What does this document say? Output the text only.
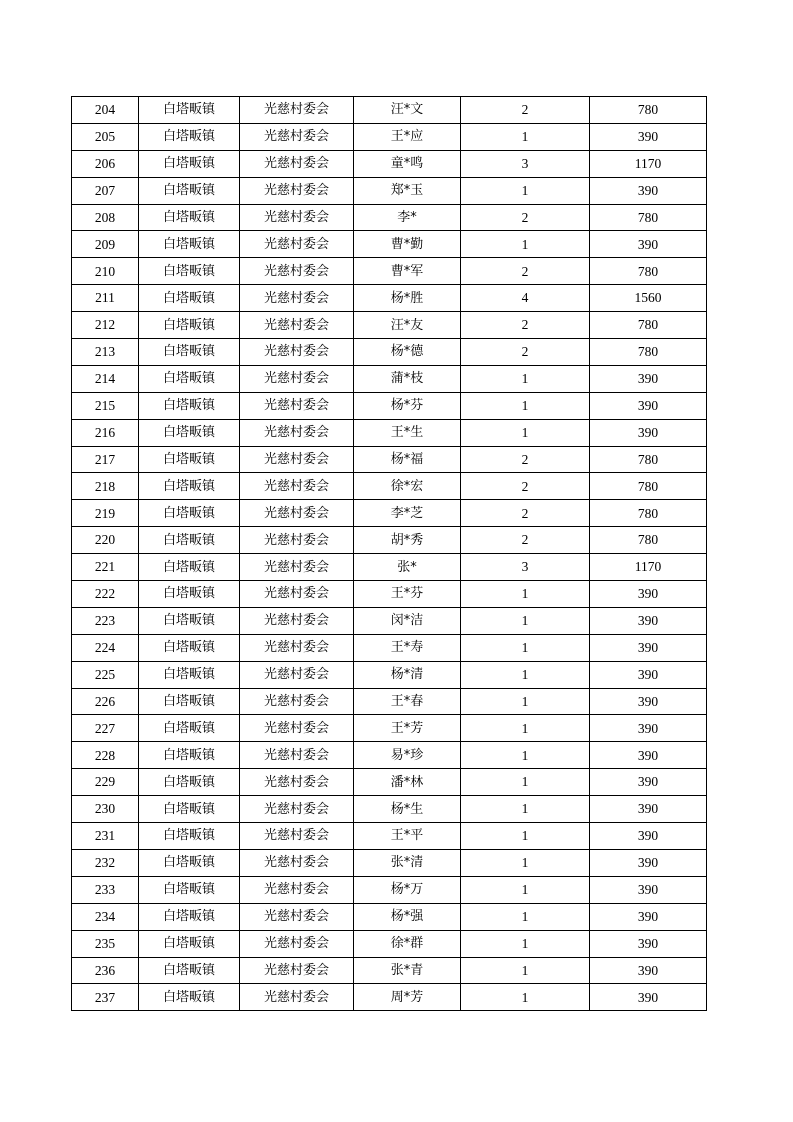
204	白塔畈镇	光慈村委会	汪*文	2	780
205	白塔畈镇	光慈村委会	王*应	1	390
206	白塔畈镇	光慈村委会	童*鸣	3	1170
207	白塔畈镇	光慈村委会	郑*玉	1	390
208	白塔畈镇	光慈村委会	李*	2	780
209	白塔畈镇	光慈村委会	曹*勤	1	390
210	白塔畈镇	光慈村委会	曹*军	2	780
211	白塔畈镇	光慈村委会	杨*胜	4	1560
212	白塔畈镇	光慈村委会	汪*友	2	780
213	白塔畈镇	光慈村委会	杨*德	2	780
214	白塔畈镇	光慈村委会	蒲*枝	1	390
215	白塔畈镇	光慈村委会	杨*芬	1	390
216	白塔畈镇	光慈村委会	王*生	1	390
217	白塔畈镇	光慈村委会	杨*福	2	780
218	白塔畈镇	光慈村委会	徐*宏	2	780
219	白塔畈镇	光慈村委会	李*芝	2	780
220	白塔畈镇	光慈村委会	胡*秀	2	780
221	白塔畈镇	光慈村委会	张*	3	1170
222	白塔畈镇	光慈村委会	王*芬	1	390
223	白塔畈镇	光慈村委会	闵*洁	1	390
224	白塔畈镇	光慈村委会	王*寿	1	390
225	白塔畈镇	光慈村委会	杨*清	1	390
226	白塔畈镇	光慈村委会	王*春	1	390
227	白塔畈镇	光慈村委会	王*芳	1	390
228	白塔畈镇	光慈村委会	易*珍	1	390
229	白塔畈镇	光慈村委会	潘*林	1	390
230	白塔畈镇	光慈村委会	杨*生	1	390
231	白塔畈镇	光慈村委会	王*平	1	390
232	白塔畈镇	光慈村委会	张*清	1	390
233	白塔畈镇	光慈村委会	杨*万	1	390
234	白塔畈镇	光慈村委会	杨*强	1	390
235	白塔畈镇	光慈村委会	徐*群	1	390
236	白塔畈镇	光慈村委会	张*青	1	390
237	白塔畈镇	光慈村委会	周*芳	1	390
